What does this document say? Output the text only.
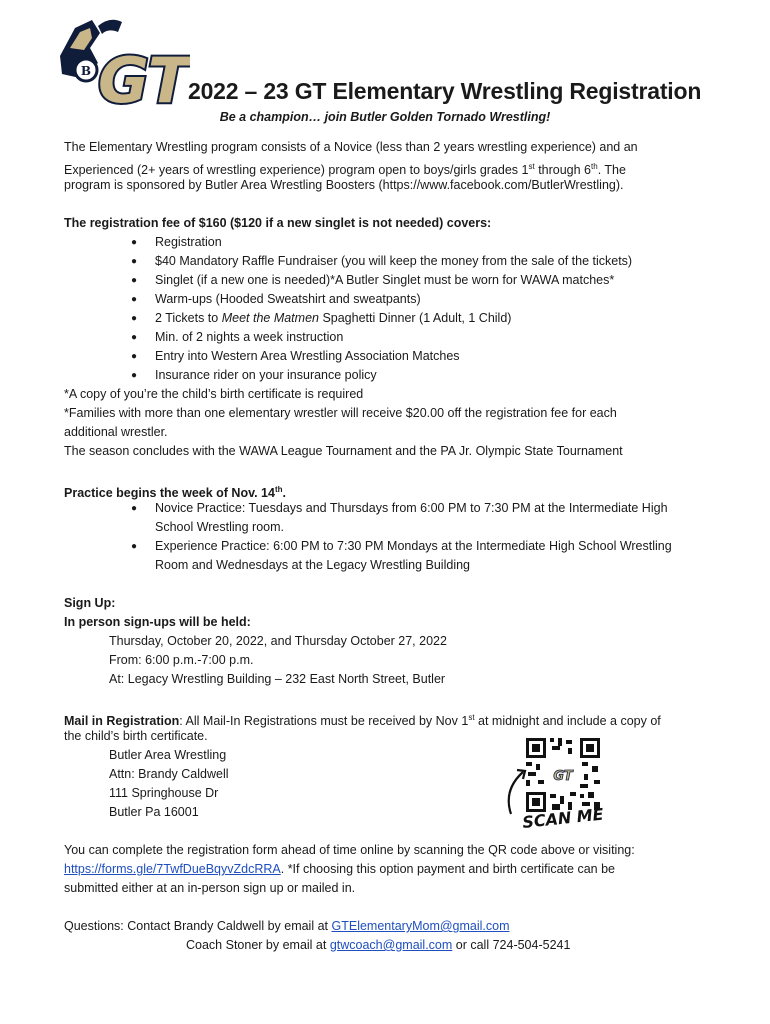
B GT
2022 – 23 GT Elementary Wrestling Registration
Be a champion… join Butler Golden Tornado Wrestling!
The Elementary Wrestling program consists of a Novice (less than 2 years wrestling experience) and an
Experienced (2+ years of wrestling experience) program open to boys/girls grades 1st through 6th. The
program is sponsored by Butler Area Wrestling Boosters (https://www.facebook.com/ButlerWrestling).
The registration fee of $160 ($120 if a new singlet is not needed) covers:
● Registration
● $40 Mandatory Raffle Fundraiser (you will keep the money from the sale of the tickets)
● Singlet (if a new one is needed)*A Butler Singlet must be worn for WAWA matches*
● Warm-ups (Hooded Sweatshirt and sweatpants)
● 2 Tickets to Meet the Matmen Spaghetti Dinner (1 Adult, 1 Child)
● Min. of 2 nights a week instruction
● Entry into Western Area Wrestling Association Matches
● Insurance rider on your insurance policy
*A copy of you’re the child’s birth certificate is required
*Families with more than one elementary wrestler will receive $20.00 off the registration fee for each
additional wrestler.
The season concludes with the WAWA League Tournament and the PA Jr. Olympic State Tournament
Practice begins the week of Nov. 14th.
● Novice Practice: Tuesdays and Thursdays from 6:00 PM to 7:30 PM at the Intermediate High
School Wrestling room.
● Experience Practice: 6:00 PM to 7:30 PM Mondays at the Intermediate High School Wrestling
Room and Wednesdays at the Legacy Wrestling Building
Sign Up:
In person sign-ups will be held:
Thursday, October 20, 2022, and Thursday October 27, 2022
From: 6:00 p.m.-7:00 p.m.
At: Legacy Wrestling Building – 232 East North Street, Butler
Mail in Registration: All Mail-In Registrations must be received by Nov 1st at midnight and include a copy of
the child’s birth certificate.
Butler Area Wrestling
Attn: Brandy Caldwell
111 Springhouse Dr
Butler Pa 16001
GT
SCAN ME
You can complete the registration form ahead of time online by scanning the QR code above or visiting:
https://forms.gle/7TwfDueBqyvZdcRRA. *If choosing this option payment and birth certificate can be
submitted either at an in-person sign up or mailed in.
Questions: Contact Brandy Caldwell by email at GTElementaryMom@gmail.com
Coach Stoner by email at gtwcoach@gmail.com or call 724-504-5241
